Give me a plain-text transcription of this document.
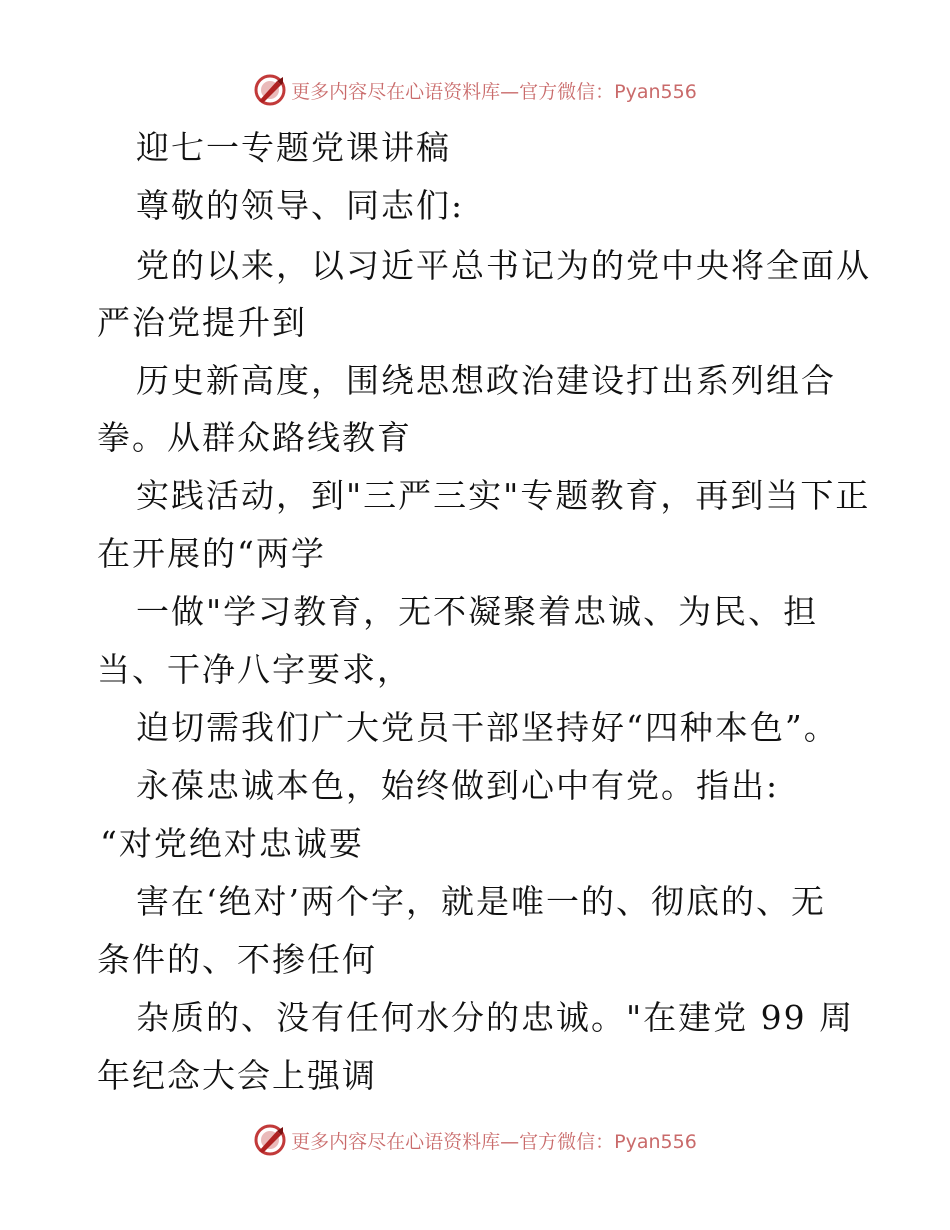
更多内容尽在心语资料库—官方微信：Pyan556
迎七一专题党课讲稿
尊敬的领导、同志们:
党的以来，以习近平总书记为的党中央将全面从
严治党提升到
历史新高度，围绕思想政治建设打出系列组合
拳。从群众路线教育
实践活动，到"三严三实"专题教育，再到当下正
在开展的“两学
一做"学习教育，无不凝聚着忠诚、为民、担
当、干净八字要求，
迫切需我们广大党员干部坚持好“四种本色”。
永葆忠诚本色，始终做到心中有党。指出:
“对党绝对忠诚要
害在‘绝对’两个字，就是唯一的、彻底的、无
条件的、不掺任何
杂质的、没有任何水分的忠诚。"在建党 99 周
年纪念大会上强调
更多内容尽在心语资料库—官方微信：Pyan556
